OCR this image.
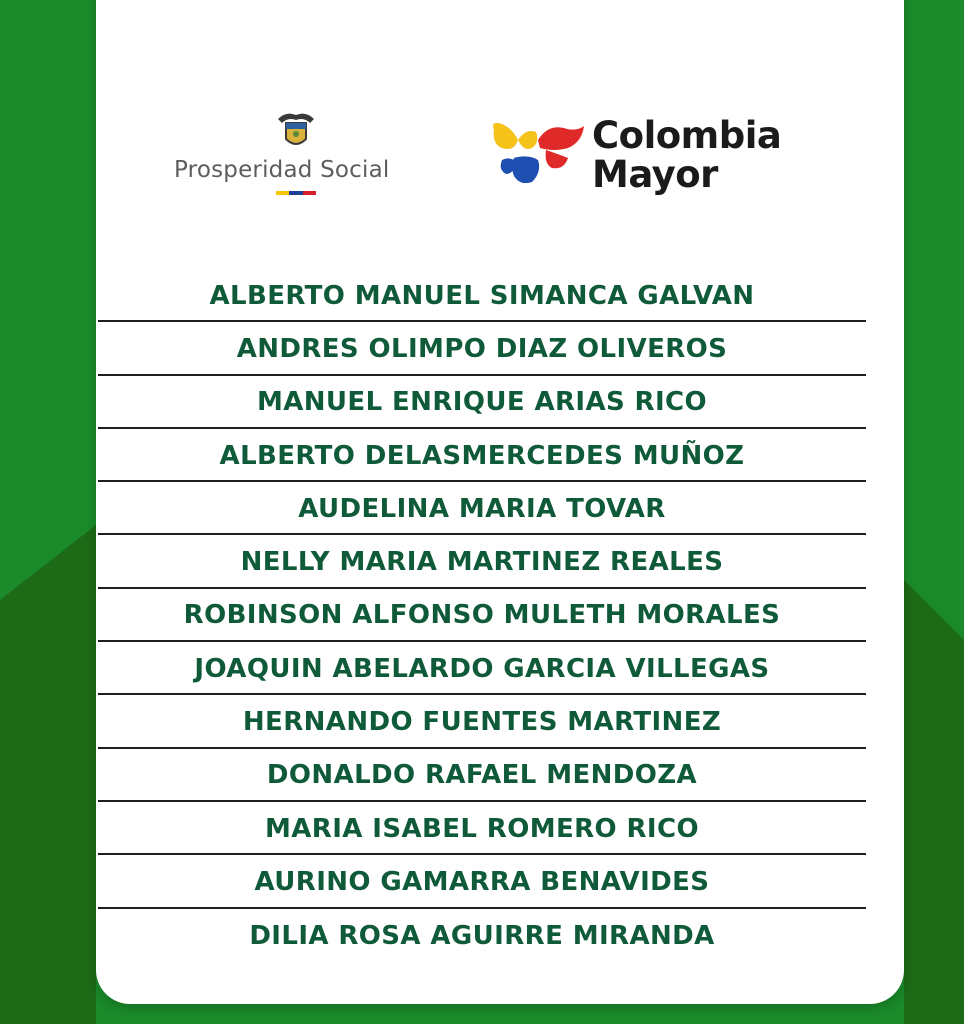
Prosperidad Social
Colombia
Mayor
ALBERTO MANUEL SIMANCA GALVAN
ANDRES OLIMPO DIAZ OLIVEROS
MANUEL ENRIQUE ARIAS RICO
ALBERTO DELASMERCEDES MUÑOZ
AUDELINA MARIA TOVAR
NELLY MARIA MARTINEZ REALES
ROBINSON ALFONSO MULETH MORALES
JOAQUIN ABELARDO GARCIA VILLEGAS
HERNANDO FUENTES MARTINEZ
DONALDO RAFAEL MENDOZA
MARIA ISABEL ROMERO RICO
AURINO GAMARRA BENAVIDES
DILIA ROSA AGUIRRE MIRANDA
